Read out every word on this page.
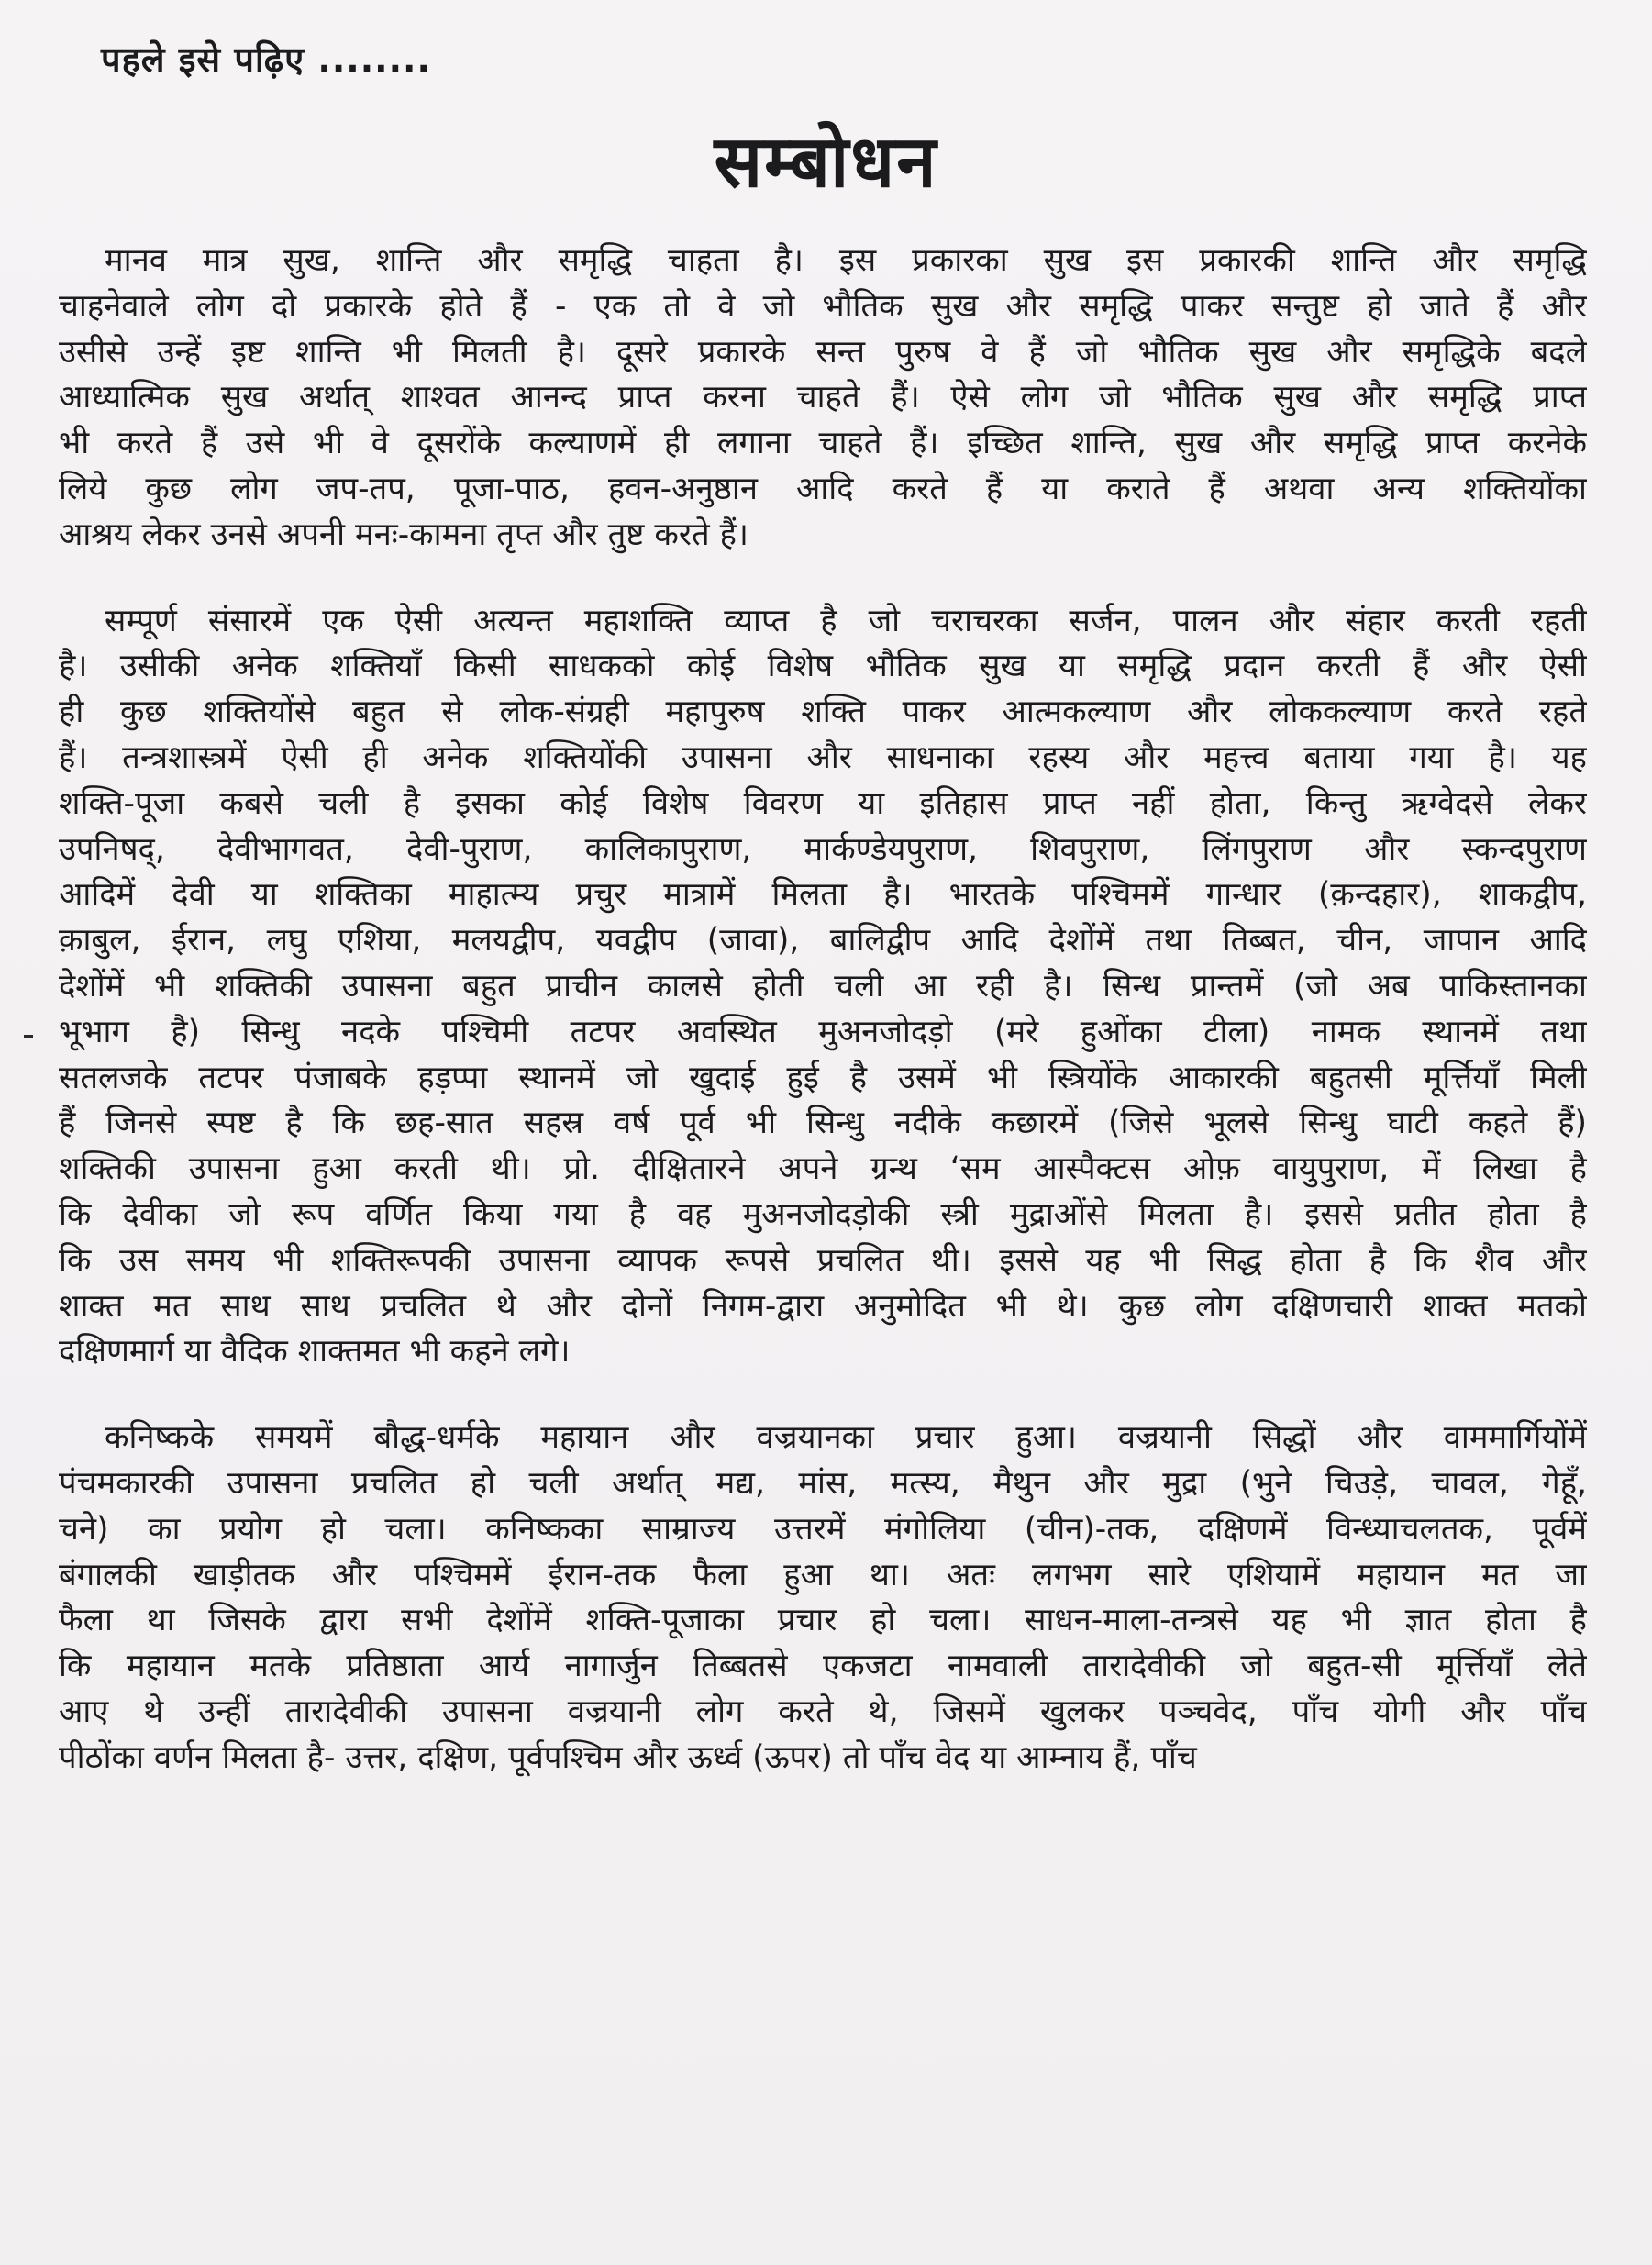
पहले इसे पढ़िए ........
सम्बोधन
मानव मात्र सुख, शान्ति और समृद्धि चाहता है। इस प्रकारका सुख इस प्रकारकी शान्ति और समृद्धि
चाहनेवाले लोग दो प्रकारके होते हैं - एक तो वे जो भौतिक सुख और समृद्धि पाकर सन्तुष्ट हो जाते हैं और
उसीसे उन्हें इष्ट शान्ति भी मिलती है। दूसरे प्रकारके सन्त पुरुष वे हैं जो भौतिक सुख और समृद्धिके बदले
आध्यात्मिक सुख अर्थात् शाश्वत आनन्द प्राप्त करना चाहते हैं। ऐसे लोग जो भौतिक सुख और समृद्धि प्राप्त
भी करते हैं उसे भी वे दूसरोंके कल्याणमें ही लगाना चाहते हैं। इच्छित शान्ति, सुख और समृद्धि प्राप्त करनेके
लिये कुछ लोग जप-तप, पूजा-पाठ, हवन-अनुष्ठान आदि करते हैं या कराते हैं अथवा अन्य शक्तियोंका
आश्रय लेकर उनसे अपनी मनः-कामना तृप्त और तुष्ट करते हैं।
सम्पूर्ण संसारमें एक ऐसी अत्यन्त महाशक्ति व्याप्त है जो चराचरका सर्जन, पालन और संहार करती रहती
है। उसीकी अनेक शक्तियाँ किसी साधकको कोई विशेष भौतिक सुख या समृद्धि प्रदान करती हैं और ऐसी
ही कुछ शक्तियोंसे बहुत से लोक-संग्रही महापुरुष शक्ति पाकर आत्मकल्याण और लोककल्याण करते रहते
हैं। तन्त्रशास्त्रमें ऐसी ही अनेक शक्तियोंकी उपासना और साधनाका रहस्य और महत्त्व बताया गया है। यह
शक्ति-पूजा कबसे चली है इसका कोई विशेष विवरण या इतिहास प्राप्त नहीं होता, किन्तु ऋग्वेदसे लेकर
उपनिषद्, देवीभागवत, देवी-पुराण, कालिकापुराण, मार्कण्डेयपुराण, शिवपुराण, लिंगपुराण और स्कन्दपुराण
आदिमें देवी या शक्तिका माहात्म्य प्रचुर मात्रामें मिलता है। भारतके पश्चिममें गान्धार (क़न्दहार), शाकद्वीप,
क़ाबुल, ईरान, लघु एशिया, मलयद्वीप, यवद्वीप (जावा), बालिद्वीप आदि देशोंमें तथा तिब्बत, चीन, जापान आदि
देशोंमें भी शक्तिकी उपासना बहुत प्राचीन कालसे होती चली आ रही है। सिन्ध प्रान्तमें (जो अब पाकिस्तानका
भूभाग है) सिन्धु नदके पश्चिमी तटपर अवस्थित मुअनजोदड़ो (मरे हुओंका टीला) नामक स्थानमें तथा
सतलजके तटपर पंजाबके हड़प्पा स्थानमें जो खुदाई हुई है उसमें भी स्त्रियोंके आकारकी बहुतसी मूर्त्तियाँ मिली
हैं जिनसे स्पष्ट है कि छह-सात सहस्र वर्ष पूर्व भी सिन्धु नदीके कछारमें (जिसे भूलसे सिन्धु घाटी कहते हैं)
शक्तिकी उपासना हुआ करती थी। प्रो. दीक्षितारने अपने ग्रन्थ ‘सम आस्पैक्टस ओफ़ वायुपुराण, में लिखा है
कि देवीका जो रूप वर्णित किया गया है वह मुअनजोदड़ोकी स्त्री मुद्राओंसे मिलता है। इससे प्रतीत होता है
कि उस समय भी शक्तिरूपकी उपासना व्यापक रूपसे प्रचलित थी। इससे यह भी सिद्ध होता है कि शैव और
शाक्त मत साथ साथ प्रचलित थे और दोनों निगम-द्वारा अनुमोदित भी थे। कुछ लोग दक्षिणचारी शाक्त मतको
दक्षिणमार्ग या वैदिक शाक्तमत भी कहने लगे।
कनिष्कके समयमें बौद्ध-धर्मके महायान और वज्रयानका प्रचार हुआ। वज्रयानी सिद्धों और वाममार्गियोंमें
पंचमकारकी उपासना प्रचलित हो चली अर्थात् मद्य, मांस, मत्स्य, मैथुन और मुद्रा (भुने चिउड़े, चावल, गेहूँ,
चने) का प्रयोग हो चला। कनिष्कका साम्राज्य उत्तरमें मंगोलिया (चीन)-तक, दक्षिणमें विन्ध्याचलतक, पूर्वमें
बंगालकी खाड़ीतक और पश्चिममें ईरान-तक फैला हुआ था। अतः लगभग सारे एशियामें महायान मत जा
फैला था जिसके द्वारा सभी देशोंमें शक्ति-पूजाका प्रचार हो चला। साधन-माला-तन्त्रसे यह भी ज्ञात होता है
कि महायान मतके प्रतिष्ठाता आर्य नागार्जुन तिब्बतसे एकजटा नामवाली तारादेवीकी जो बहुत-सी मूर्त्तियाँ लेते
आए थे उन्हीं तारादेवीकी उपासना वज्रयानी लोग करते थे, जिसमें खुलकर पञ्चवेद, पाँच योगी और पाँच
पीठोंका वर्णन मिलता है- उत्तर, दक्षिण, पूर्वपश्चिम और ऊर्ध्व (ऊपर) तो पाँच वेद या आम्नाय हैं, पाँच
